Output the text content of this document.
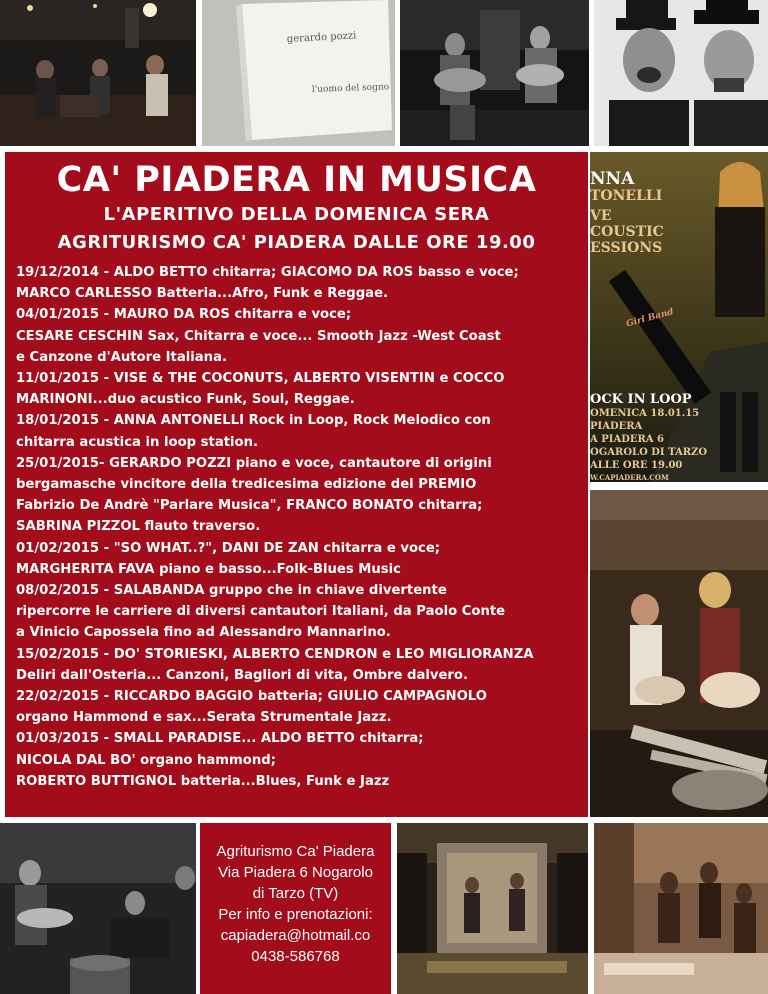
gerardo pozzi
l'uomo del sogno
CA' PIADERA IN MUSICA
L'APERITIVO DELLA DOMENICA SERA
AGRITURISMO CA' PIADERA DALLE ORE 19.00
19/12/2014 - ALDO BETTO chitarra; GIACOMO DA ROS basso e voce;
MARCO CARLESSO Batteria...Afro, Funk e Reggae.
04/01/2015 - MAURO DA ROS chitarra e voce;
CESARE CESCHIN Sax, Chitarra e voce... Smooth Jazz -West Coast
e Canzone d'Autore Italiana.
11/01/2015 - VISE & THE COCONUTS, ALBERTO VISENTIN e COCCO
MARINONI...duo acustico Funk, Soul, Reggae.
18/01/2015 - ANNA ANTONELLI Rock in Loop, Rock Melodico con
chitarra acustica in loop station.
25/01/2015- GERARDO POZZI piano e voce, cantautore di origini
bergamasche vincitore della tredicesima edizione del PREMIO
Fabrizio De Andrè "Parlare Musica", FRANCO BONATO chitarra;
SABRINA PIZZOL flauto traverso.
01/02/2015 - "SO WHAT..?", DANI DE ZAN chitarra e voce;
MARGHERITA FAVA piano e basso...Folk-Blues Music
08/02/2015 - SALABANDA gruppo che in chiave divertente
ripercorre le carriere di diversi cantautori Italiani, da Paolo Conte
a Vinicio Capossela fino ad Alessandro Mannarino.
15/02/2015 - DO' STORIESKI, ALBERTO CENDRON e LEO MIGLIORANZA
Deliri dall'Osteria... Canzoni, Bagliori di vita, Ombre dalvero.
22/02/2015 - RICCARDO BAGGIO batteria; GIULIO CAMPAGNOLO
organo Hammond e sax...Serata Strumentale Jazz.
01/03/2015 - SMALL PARADISE... ALDO BETTO chitarra;
NICOLA DAL BO' organo hammond;
ROBERTO BUTTIGNOL batteria...Blues, Funk e Jazz
NNA
TONELLI
VE
COUSTIC
ESSIONS
Girl Band
OCK IN LOOP
OMENICA 18.01.15
PIADERA
A PIADERA 6
OGAROLO DI TARZO
ALLE ORE 19.00
W.CAPIADERA.COM
Agriturismo Ca' Piadera
Via Piadera 6 Nogarolo
di Tarzo (TV)
Per info e prenotazioni:
capiadera@hotmail.co
0438-586768
